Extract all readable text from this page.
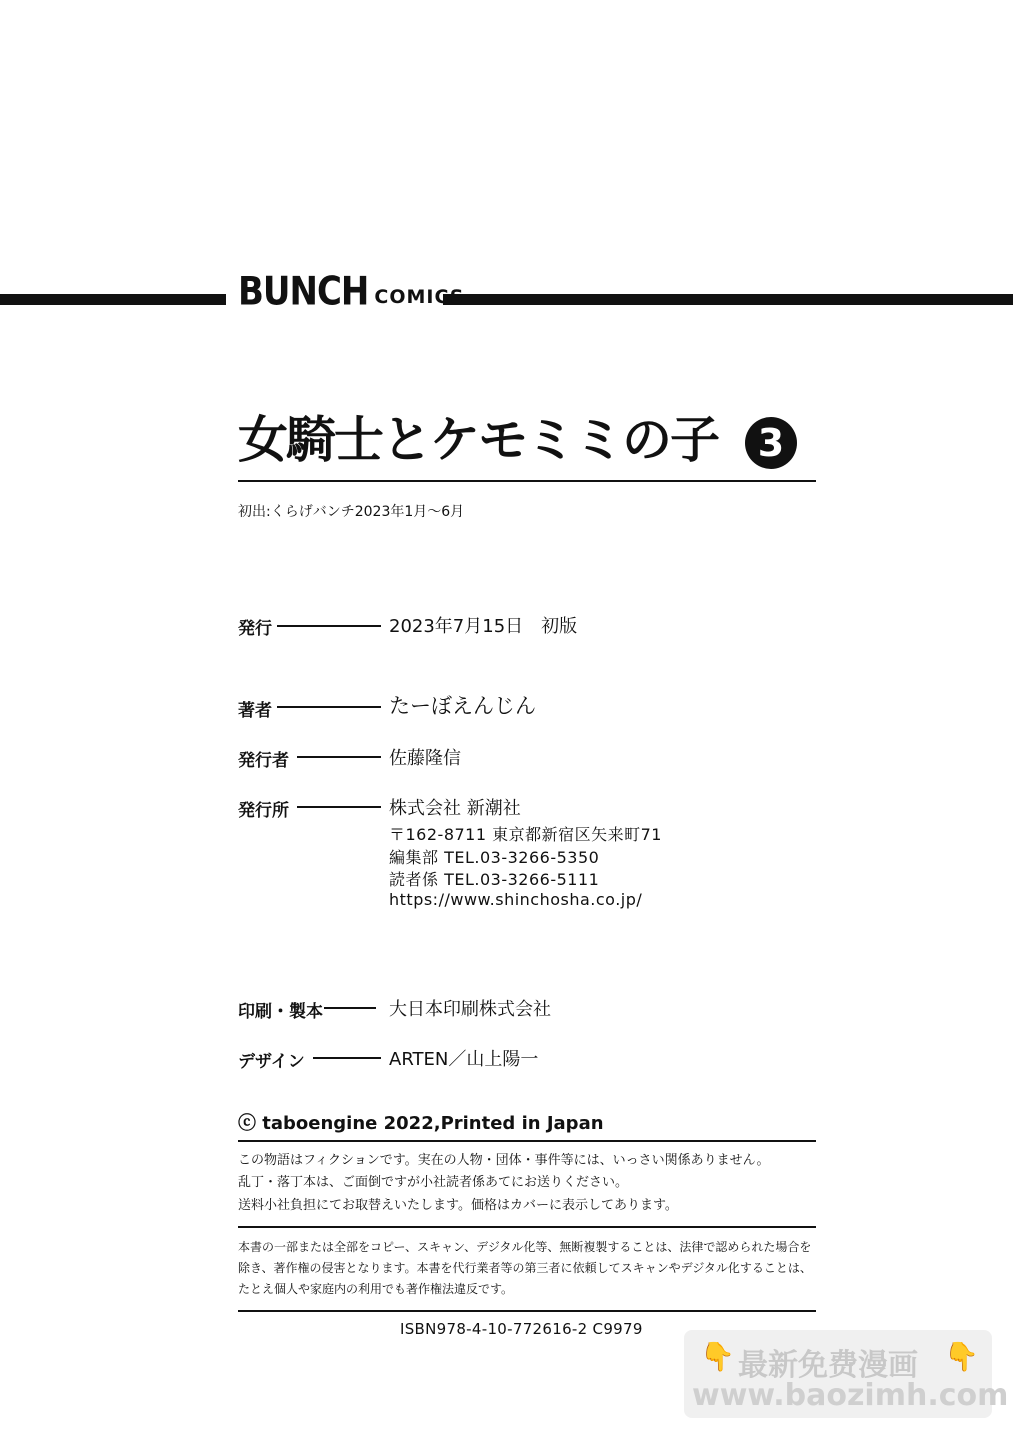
BUNCH COMICS
女騎士とケモミミの子	3
初出:くらげバンチ2023年1月〜6月
発行	2023年7月15日　初版
著者	たーぼえんじん
発行者	佐藤隆信
発行所	株式会社 新潮社
〒162-8711 東京都新宿区矢来町71
編集部 TEL.03-3266-5350
読者係 TEL.03-3266-5111
https://www.shinchosha.co.jp/
印刷・製本	大日本印刷株式会社
デザイン	ARTEN／山上陽一
ⓒ taboengine 2022,Printed in Japan
この物語はフィクションです。実在の人物・団体・事件等には、いっさい関係ありません。
乱丁・落丁本は、ご面倒ですが小社読者係あてにお送りください。
送料小社負担にてお取替えいたします。価格はカバーに表示してあります。
本書の一部または全部をコピー、スキャン、デジタル化等、無断複製することは、法律で認められた場合を
除き、著作権の侵害となります。本書を代行業者等の第三者に依頼してスキャンやデジタル化することは、
たとえ個人や家庭内の利用でも著作権法違反です。
ISBN978-4-10-772616-2 C9979
👇 最新免费漫画 👇
www.baozimh.com
